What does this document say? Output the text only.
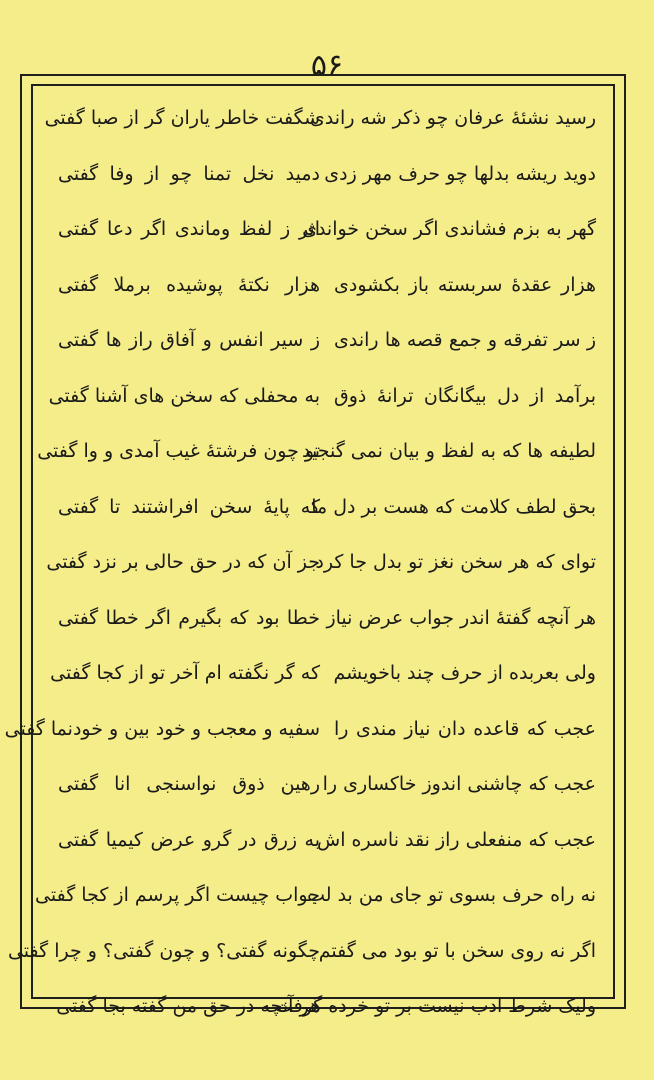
۵۶
رسید نشئهٔ عرفان چو ذکر شه راندی
شگفت خاطر یاران گر از صبا گفتی
دوید ریشه بدلها چو حرف مهر زدی
دمید نخل تمنا چو از وفا گفتی
گهر به بزم فشاندی اگر سخن خواندی
اثر ز لفظ وماندی اگر دعا گفتی
هزار عقدهٔ سربسته باز بکشودی
هزار نکتهٔ پوشیده برملا گفتی
ز سر تفرقه و جمع قصه ها راندی
ز سیر انفس و آفاق راز ها گفتی
برآمد از دل بیگانگان ترانهٔ ذوق
به محفلی که سخن های آشنا گفتی
لطیفه ها که به لفظ و بیان نمی گنجید
تو چون فرشتهٔ غیب آمدی و وا گفتی
بحق لطف کلامت که هست بر دل ما
که پایهٔ سخن افراشتند تا گفتی
توای که هر سخن نغز تو بدل جا کرد
جز آن که در حق حالی بر نزد گفتی
هر آنچه گفتهٔ اندر جواب عرض نیاز
خطا بود که بگیرم اگر خطا گفتی
ولی بعربده از حرف چند باخویشم
که گر نگفته ام آخر تو از کجا گفتی
عجب که قاعده دان نیاز مندی را
سفیه و معجب و خود بین و خودنما گفتی
عجب که چاشنی اندوز خاکساری را
رهین ذوق نواسنجی انا گفتی
عجب که منفعلی راز نقد ناسره اش
به زرق در گرو عرض کیمیا گفتی
نه راه حرف بسوی تو جای من بد لب
جواب چیست اگر پرسم از کجا گفتی
اگر نه روی سخن با تو بود می گفتم
چگونه گفتی؟ و چون گفتی؟ و چرا گفتی
ولیک شرط ادب نیست بر تو خرده گرفت
هر آنچه در حق من گفته بجا گفتی
